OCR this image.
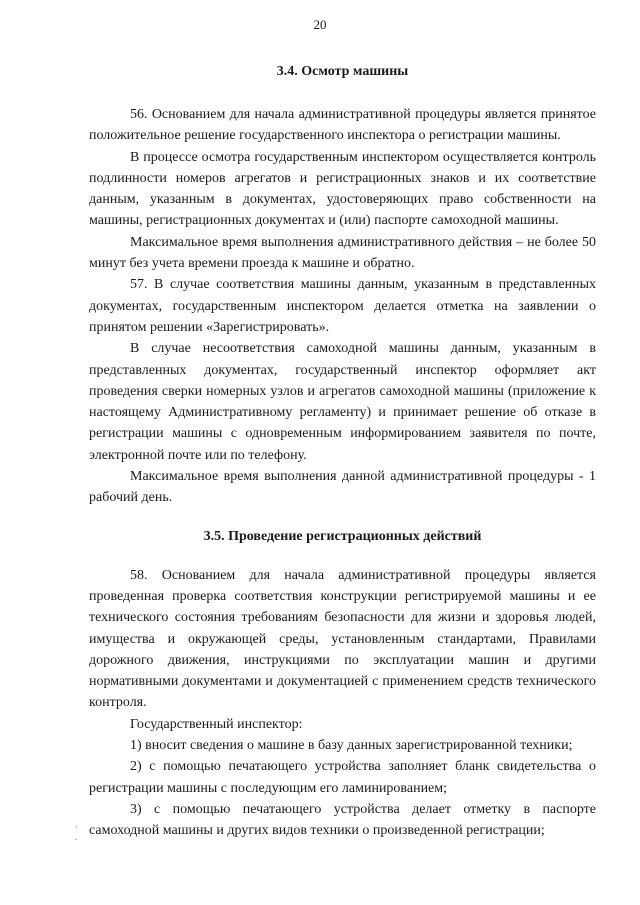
20

3.4. Осмотр машины

56. Основанием для начала административной процедуры является принятое положительное решение государственного инспектора о регистрации машины.

В процессе осмотра государственным инспектором осуществляется контроль подлинности номеров агрегатов и регистрационных знаков и их соответствие данным, указанным в документах, удостоверяющих право собственности на машины, регистрационных документах и (или) паспорте самоходной машины.

Максимальное время выполнения административного действия – не более 50 минут без учета времени проезда к машине и обратно.

57. В случае соответствия машины данным, указанным в представленных документах, государственным инспектором делается отметка на заявлении о принятом решении «Зарегистрировать».

В случае несоответствия самоходной машины данным, указанным в представленных документах, государственный инспектор оформляет акт проведения сверки номерных узлов и агрегатов самоходной машины (приложение к настоящему Административному регламенту) и принимает решение об отказе в регистрации машины с одновременным информированием заявителя по почте, электронной почте или по телефону.

Максимальное время выполнения данной административной процедуры - 1 рабочий день.

3.5. Проведение регистрационных действий

58. Основанием для начала административной процедуры является проведенная проверка соответствия конструкции регистрируемой машины и ее технического состояния требованиям безопасности для жизни и здоровья людей, имущества и окружающей среды, установленным стандартами, Правилами дорожного движения, инструкциями по эксплуатации машин и другими нормативными документами и документацией с применением средств технического контроля.

Государственный инспектор:

1) вносит сведения о машине в базу данных зарегистрированной техники;

2) с помощью печатающего устройства заполняет бланк свидетельства о регистрации машины с последующим его ламинированием;

3) с помощью печатающего устройства делает отметку в паспорте самоходной машины и других видов техники о произведенной регистрации;

·
.
